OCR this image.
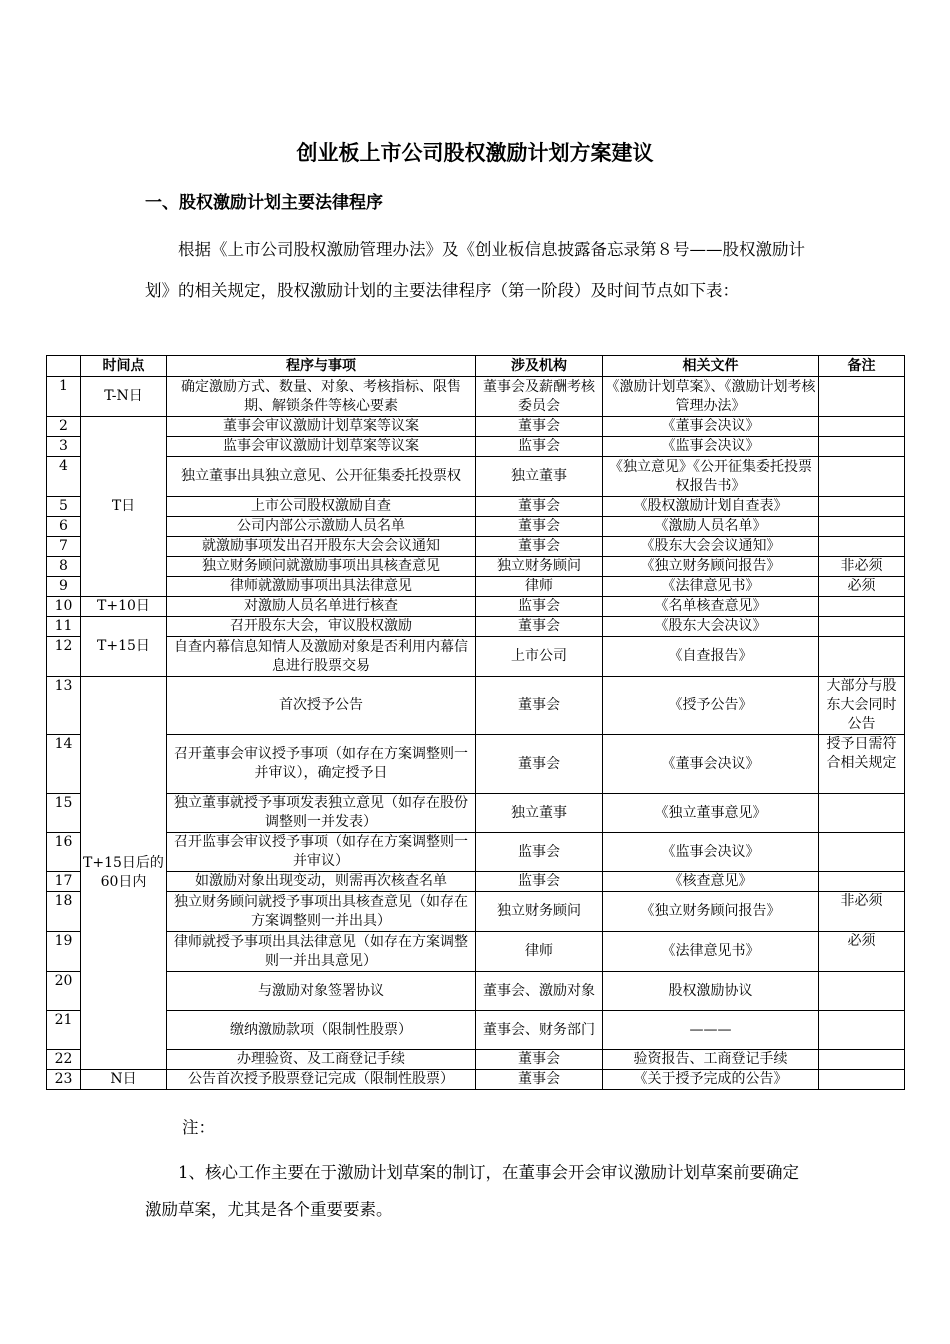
创业板上市公司股权激励计划方案建议
一、股权激励计划主要法律程序
根据《上市公司股权激励管理办法》及《创业板信息披露备忘录第８号——股权激励计划》的相关规定，股权激励计划的主要法律程序（第一阶段）及时间节点如下表：
	时间点	程序与事项	涉及机构	相关文件	备注
1	T-N日	确定激励方式、数量、对象、考核指标、限售期、解锁条件等核心要素	董事会及薪酬考核委员会	《激励计划草案》、《激励计划考核管理办法》	
2	T日	董事会审议激励计划草案等议案	董事会	《董事会决议》	
3		监事会审议激励计划草案等议案	监事会	《监事会决议》	
4		独立董事出具独立意见、公开征集委托投票权	独立董事	《独立意见》《公开征集委托投票权报告书》	
5		上市公司股权激励自查	董事会	《股权激励计划自查表》	
6		公司内部公示激励人员名单	董事会	《激励人员名单》	
7		就激励事项发出召开股东大会会议通知	董事会	《股东大会会议通知》	
8		独立财务顾问就激励事项出具核查意见	独立财务顾问	《独立财务顾问报告》	非必须
9		律师就激励事项出具法律意见	律师	《法律意见书》	必须
10	T+10日	对激励人员名单进行核查	监事会	《名单核查意见》	
11	T+15日	召开股东大会，审议股权激励	董事会	《股东大会决议》	
12		自查内幕信息知情人及激励对象是否利用内幕信息进行股票交易	上市公司	《自查报告》	
13	T+15日后的60日内	首次授予公告	董事会	《授予公告》	大部分与股东大会同时公告
14		召开董事会审议授予事项（如存在方案调整则一并审议），确定授予日	董事会	《董事会决议》	授予日需符合相关规定
15		独立董事就授予事项发表独立意见（如存在股份调整则一并发表）	独立董事	《独立董事意见》	
16		召开监事会审议授予事项（如存在方案调整则一并审议）	监事会	《监事会决议》	
17		如激励对象出现变动，则需再次核查名单	监事会	《核查意见》	
18		独立财务顾问就授予事项出具核查意见（如存在方案调整则一并出具）	独立财务顾问	《独立财务顾问报告》	非必须
19		律师就授予事项出具法律意见（如存在方案调整则一并出具意见）	律师	《法律意见书》	必须
20		与激励对象签署协议	董事会、激励对象	股权激励协议	
21		缴纳激励款项（限制性股票）	董事会、财务部门	———	
22		办理验资、及工商登记手续	董事会	验资报告、工商登记手续	
23	N日	公告首次授予股票登记完成（限制性股票）	董事会	《关于授予完成的公告》	
注：
1、核心工作主要在于激励计划草案的制订，在董事会开会审议激励计划草案前要确定激励草案，尤其是各个重要要素。
